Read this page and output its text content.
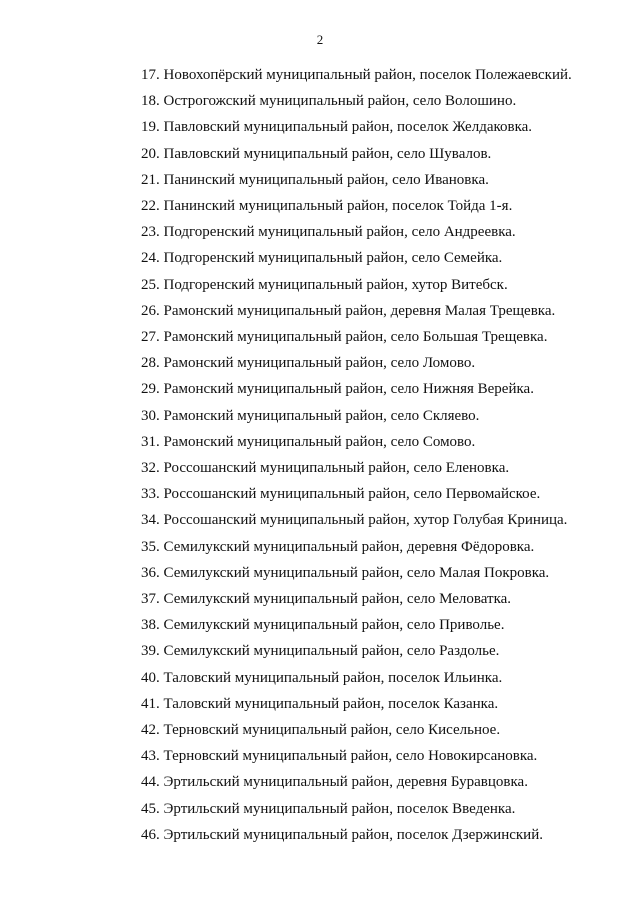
2
17. Новохопёрский муниципальный район, поселок Полежаевский.
18. Острогожский муниципальный район, село Волошино.
19. Павловский муниципальный район, поселок Желдаковка.
20. Павловский муниципальный район, село Шувалов.
21. Панинский муниципальный район, село Ивановка.
22. Панинский муниципальный район, поселок Тойда 1-я.
23. Подгоренский муниципальный район, село Андреевка.
24. Подгоренский муниципальный район, село Семейка.
25. Подгоренский муниципальный район, хутор Витебск.
26. Рамонский муниципальный район, деревня Малая Трещевка.
27. Рамонский муниципальный район, село Большая Трещевка.
28. Рамонский муниципальный район, село Ломово.
29. Рамонский муниципальный район, село Нижняя Верейка.
30. Рамонский муниципальный район, село Скляево.
31. Рамонский муниципальный район, село Сомово.
32. Россошанский муниципальный район, село Еленовка.
33. Россошанский муниципальный район, село Первомайское.
34. Россошанский муниципальный район, хутор Голубая Криница.
35. Семилукский муниципальный район, деревня Фёдоровка.
36. Семилукский муниципальный район, село Малая Покровка.
37. Семилукский муниципальный район, село Меловатка.
38. Семилукский муниципальный район, село Приволье.
39. Семилукский муниципальный район, село Раздолье.
40. Таловский муниципальный район, поселок Ильинка.
41. Таловский муниципальный район, поселок Казанка.
42. Терновский муниципальный район, село Кисельное.
43. Терновский муниципальный район, село Новокирсановка.
44. Эртильский муниципальный район, деревня Буравцовка.
45. Эртильский муниципальный район, поселок Введенка.
46. Эртильский муниципальный район, поселок Дзержинский.
